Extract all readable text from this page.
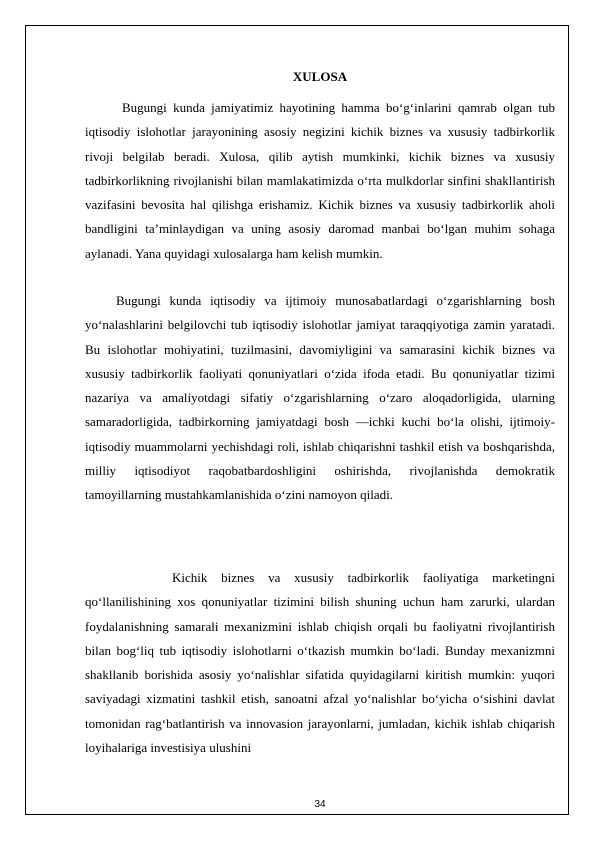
XULOSA

Bugungi kunda jamiyatimiz hayotining hamma bo‘g‘inlarini qamrab olgan tub iqtisodiy islohotlar jarayonining asosiy negizini kichik biznes va xususiy tadbirkorlik rivoji belgilab beradi. Xulosa, qilib aytish mumkinki, kichik biznes va xususiy tadbirkorlikning rivojlanishi bilan mamlakatimizda o‘rta mulkdorlar sinfini shakllantirish vazifasini bevosita hal qilishga erishamiz. Kichik biznes va xususiy tadbirkorlik aholi bandligini ta’minlaydigan va uning asosiy daromad manbai bo‘lgan muhim sohaga aylanadi. Yana quyidagi xulosalarga ham kelish mumkin.

Bugungi kunda iqtisodiy va ijtimoiy munosabatlardagi o‘zgarishlarning bosh yo‘nalashlarini belgilovchi tub iqtisodiy islohotlar jamiyat taraqqiyotiga zamin yaratadi. Bu islohotlar mohiyatini, tuzilmasini, davomiyligini va samarasini kichik biznes va xususiy tadbirkorlik faoliyati qonuniyatlari o‘zida ifoda etadi. Bu qonuniyatlar tizimi nazariya va amaliyotdagi sifatiy o‘zgarishlarning o‘zaro aloqadorligida, ularning samaradorligida, tadbirkorning jamiyatdagi bosh —ichki kuchi bo‘la olishi, ijtimoiy-iqtisodiy muammolarni yechishdagi roli, ishlab chiqarishni tashkil etish va boshqarishda, milliy iqtisodiyot raqobatbardoshligini oshirishda, rivojlanishda demokratik tamoyillarning mustahkamlanishida o‘zini namoyon qiladi.

Kichik biznes va xususiy tadbirkorlik faoliyatiga marketingni qo‘llanilishining xos qonuniyatlar tizimini bilish shuning uchun ham zarurki, ulardan foydalanishning samarali mexanizmini ishlab chiqish orqali bu faoliyatni rivojlantirish bilan bog‘liq tub iqtisodiy islohotlarni o‘tkazish mumkin bo‘ladi. Bunday mexanizmni shakllanib borishida asosiy yo‘nalishlar sifatida quyidagilarni kiritish mumkin: yuqori saviyadagi xizmatini tashkil etish, sanoatni afzal yo‘nalishlar bo‘yicha o‘sishini davlat tomonidan rag‘batlantirish va innovasion jarayonlarni, jumladan, kichik ishlab chiqarish loyihalariga investisiya ulushini

34
